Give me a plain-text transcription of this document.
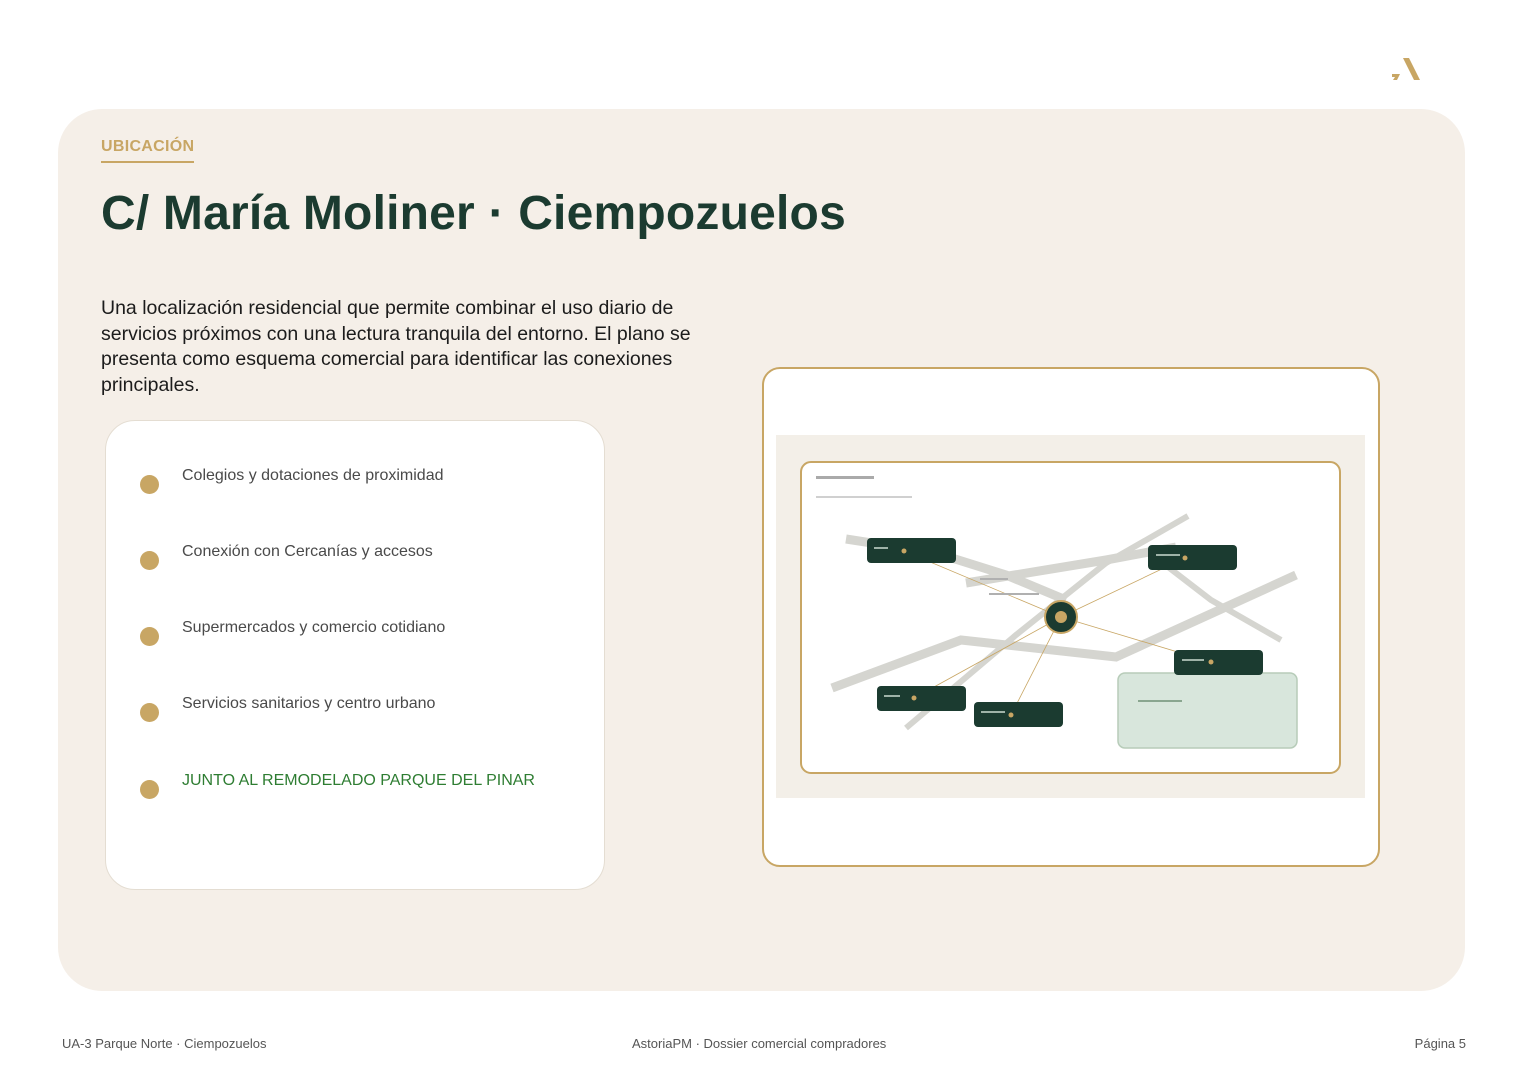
UBICACIÓN
C/ María Moliner · Ciempozuelos

Una localización residencial que permite combinar el uso diario de servicios próximos con una lectura tranquila del entorno. El plano se presenta como esquema comercial para identificar las conexiones principales.

Colegios y dotaciones de proximidad
Conexión con Cercanías y accesos
Supermercados y comercio cotidiano
Servicios sanitarios y centro urbano
JUNTO AL REMODELADO PARQUE DEL PINAR
UA-3 Parque Norte · Ciempozuelos	AstoriaPM · Dossier comercial compradores	Página 5
